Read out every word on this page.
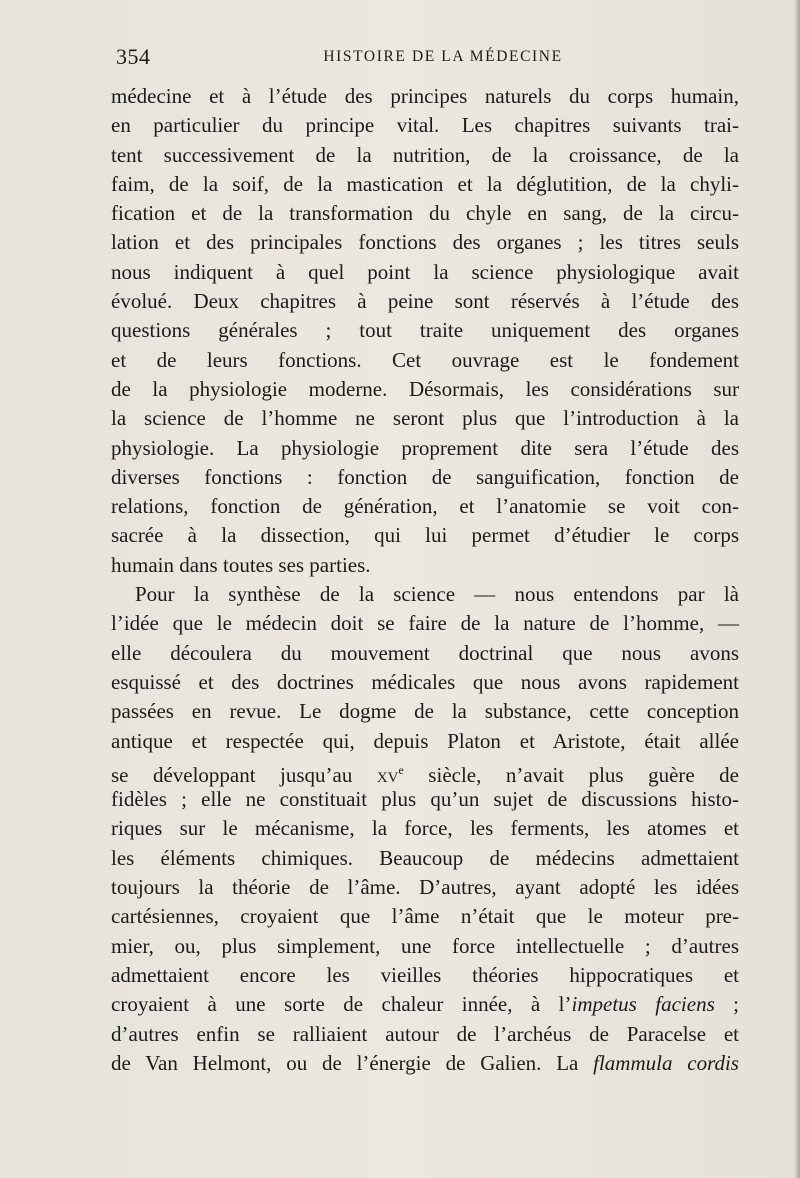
354	HISTOIRE DE LA MÉDECINE
médecine et à l’étude des principes naturels du corps humain,
en particulier du principe vital. Les chapitres suivants trai-
tent successivement de la nutrition, de la croissance, de la
faim, de la soif, de la mastication et la déglutition, de la chyli-
fication et de la transformation du chyle en sang, de la circu-
lation et des principales fonctions des organes ; les titres seuls
nous indiquent à quel point la science physiologique avait
évolué. Deux chapitres à peine sont réservés à l’étude des
questions générales ; tout traite uniquement des organes
et de leurs fonctions. Cet ouvrage est le fondement
de la physiologie moderne. Désormais, les considérations sur
la science de l’homme ne seront plus que l’introduction à la
physiologie. La physiologie proprement dite sera l’étude des
diverses fonctions : fonction de sanguification, fonction de
relations, fonction de génération, et l’anatomie se voit con-
sacrée à la dissection, qui lui permet d’étudier le corps
humain dans toutes ses parties.
Pour la synthèse de la science — nous entendons par là
l’idée que le médecin doit se faire de la nature de l’homme, —
elle découlera du mouvement doctrinal que nous avons
esquissé et des doctrines médicales que nous avons rapidement
passées en revue. Le dogme de la substance, cette conception
antique et respectée qui, depuis Platon et Aristote, était allée
se développant jusqu’au $xv^e$ siècle, n’avait plus guère de
fidèles ; elle ne constituait plus qu’un sujet de discussions histo-
riques sur le mécanisme, la force, les ferments, les atomes et
les éléments chimiques. Beaucoup de médecins admettaient
toujours la théorie de l’âme. D’autres, ayant adopté les idées
cartésiennes, croyaient que l’âme n’était que le moteur pre-
mier, ou, plus simplement, une force intellectuelle ; d’autres
admettaient encore les vieilles théories hippocratiques et
croyaient à une sorte de chaleur innée, à l’impetus faciens ;
d’autres enfin se ralliaient autour de l’archéus de Paracelse et
de Van Helmont, ou de l’énergie de Galien. La flammula cordis
